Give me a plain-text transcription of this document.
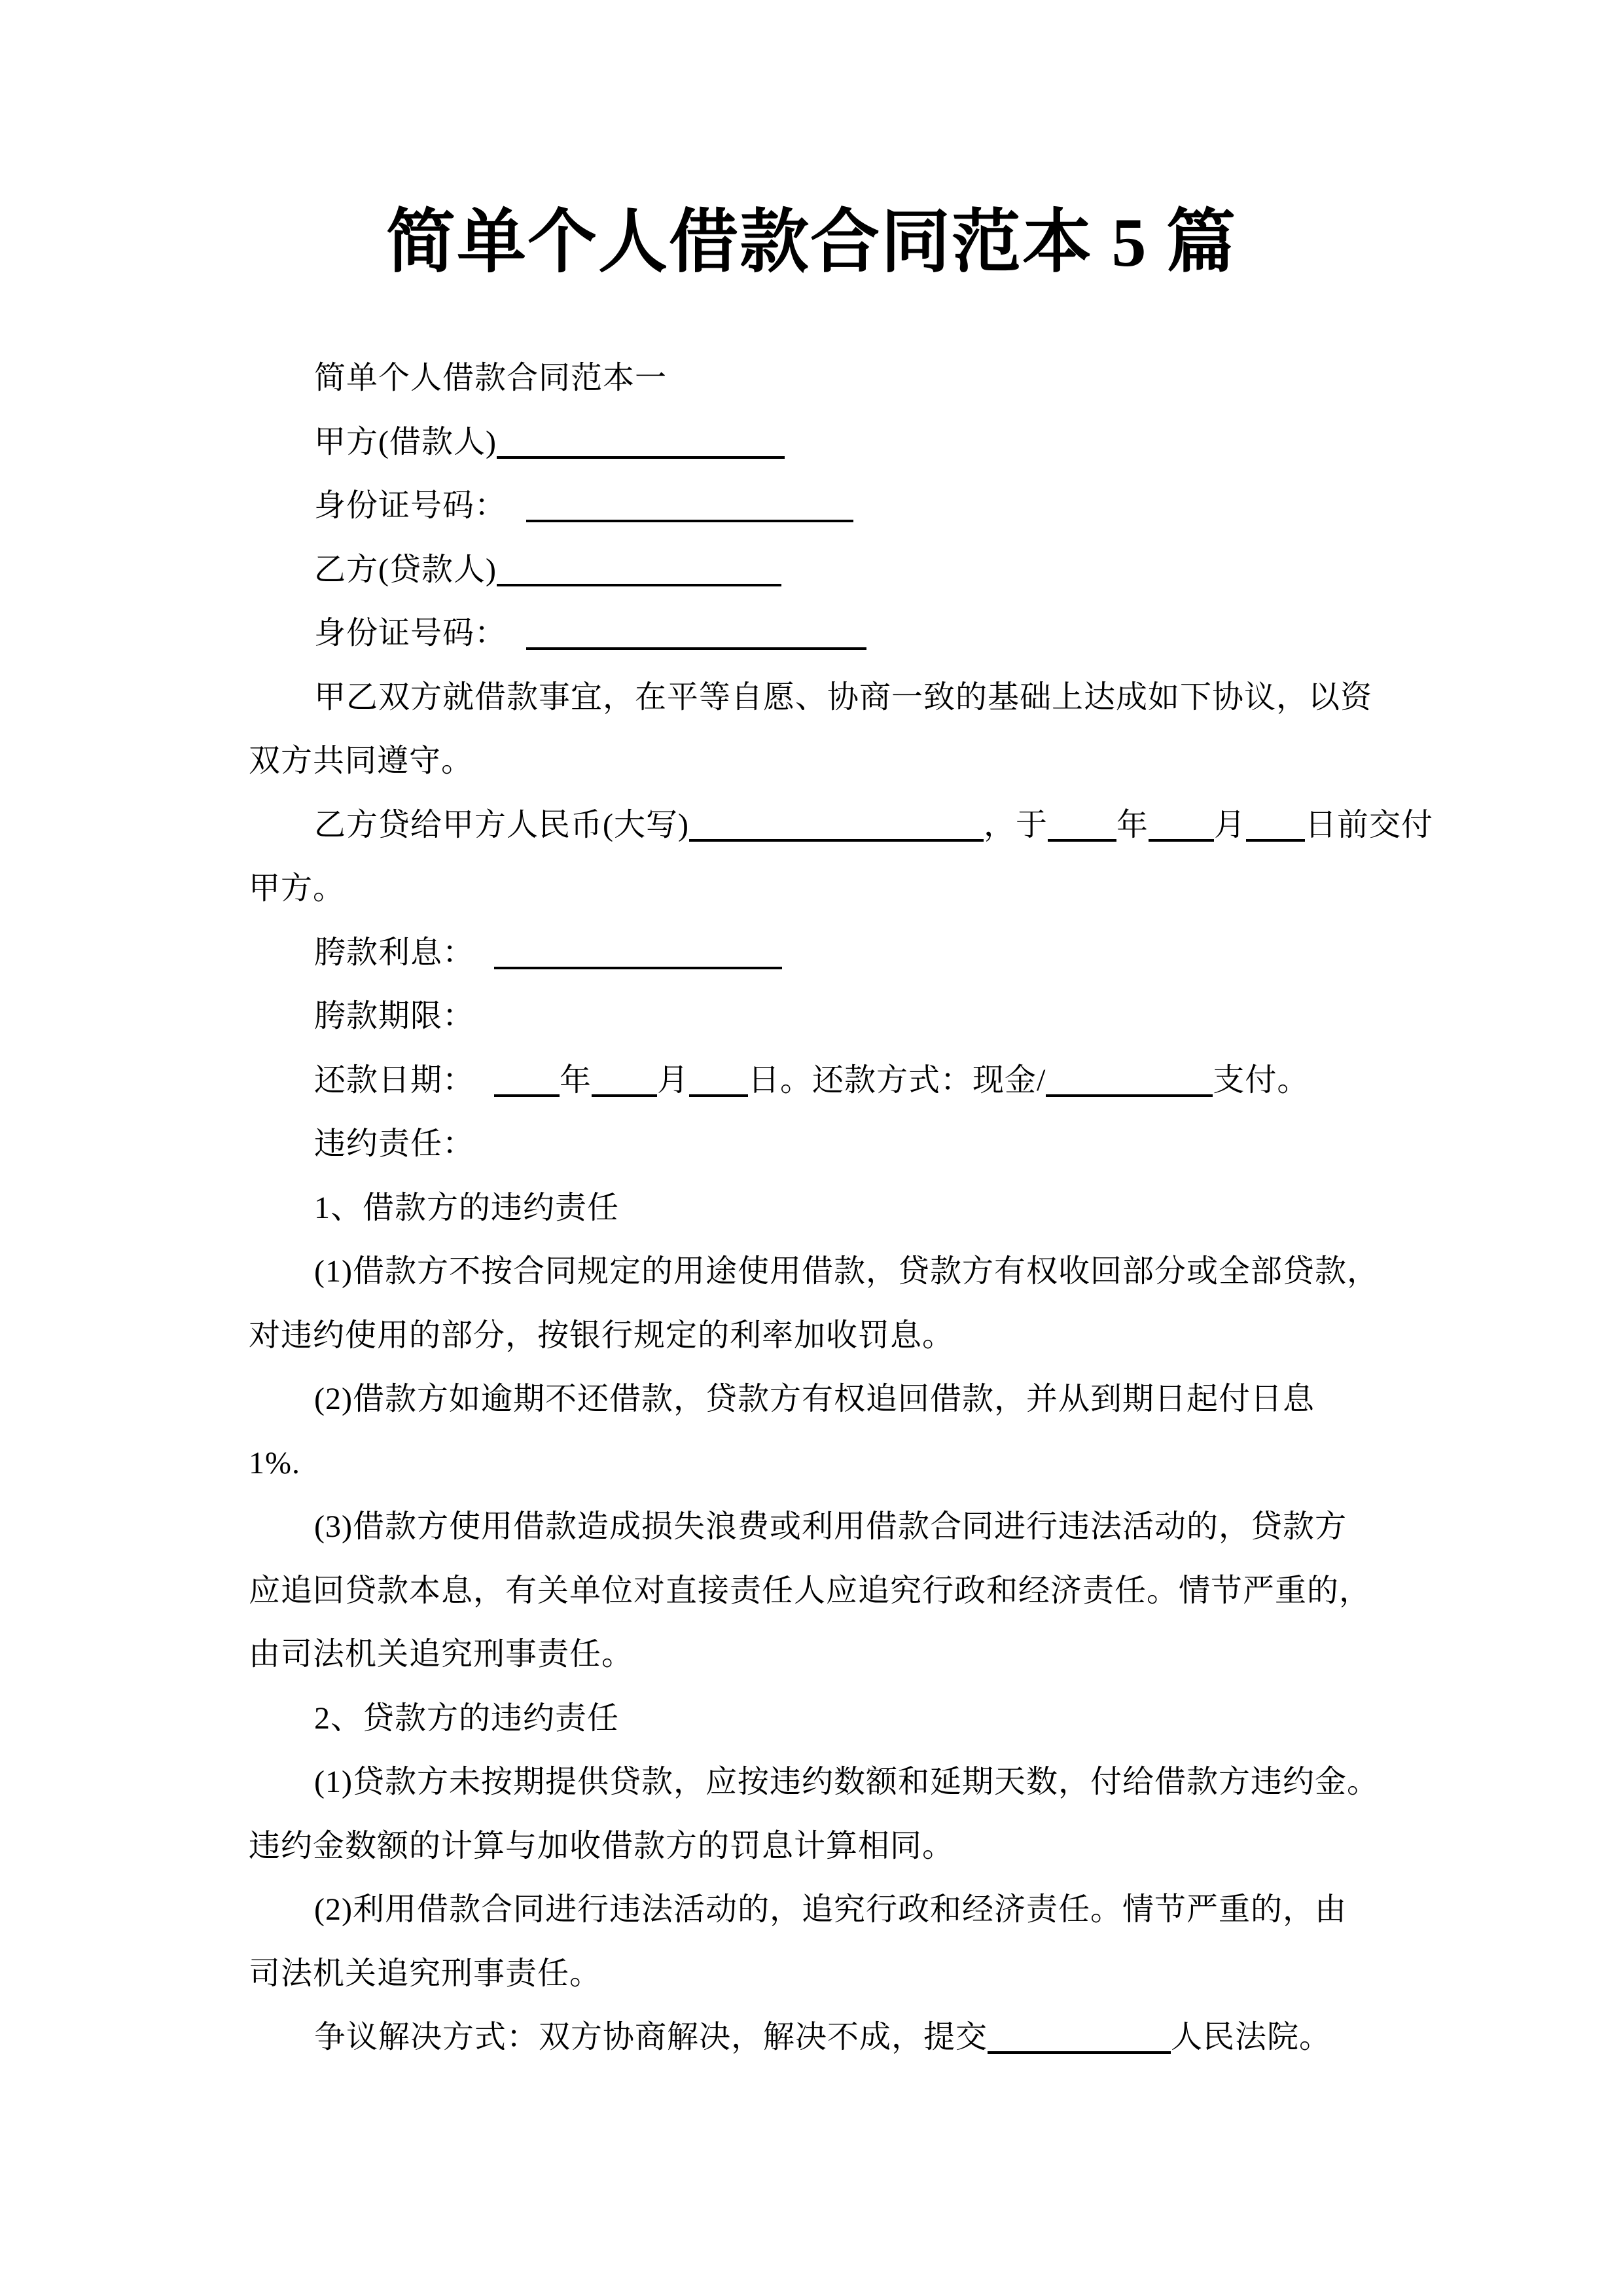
简单个人借款合同范本 5 篇
简单个人借款合同范本一
甲方(借款人)
身份证号码：
乙方(贷款人)
身份证号码：
甲乙双方就借款事宜，在平等自愿、协商一致的基础上达成如下协议，以资
双方共同遵守。
乙方贷给甲方人民币(大写)	，于 年 月 日前交付
甲方。
胯款利息：
胯款期限：
还款日期：	年 月 日。还款方式：现金/	支付。
违约责任：
1、借款方的违约责任
(1)借款方不按合同规定的用途使用借款，贷款方有权收回部分或全部贷款，
对违约使用的部分，按银行规定的利率加收罚息。
(2)借款方如逾期不还借款，贷款方有权追回借款，并从到期日起付日息
1%.
(3)借款方使用借款造成损失浪费或利用借款合同进行违法活动的，贷款方
应追回贷款本息，有关单位对直接责任人应追究行政和经济责任。情节严重的，
由司法机关追究刑事责任。
2、贷款方的违约责任
(1)贷款方未按期提供贷款，应按违约数额和延期天数，付给借款方违约金。
违约金数额的计算与加收借款方的罚息计算相同。
(2)利用借款合同进行违法活动的，追究行政和经济责任。情节严重的，由
司法机关追究刑事责任。
争议解决方式：双方协商解决，解决不成，提交	人民法院。
